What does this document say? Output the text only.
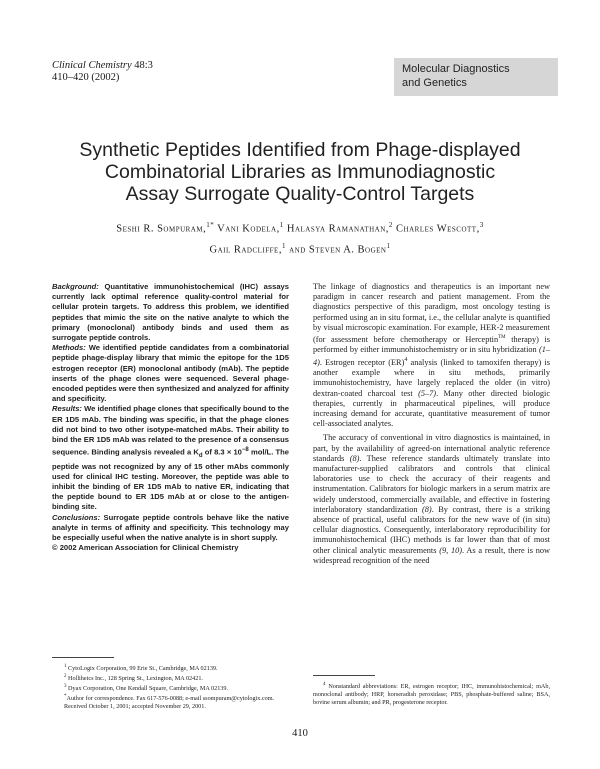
Clinical Chemistry 48:3
410–420 (2002)
Molecular Diagnostics
and Genetics
Synthetic Peptides Identified from Phage-displayed
Combinatorial Libraries as Immunodiagnostic
Assay Surrogate Quality-Control Targets
Seshi R. Sompuram,$^{1*}$ Vani Kodela,$^1$ Halasya Ramanathan,$^2$ Charles Wescott,$^3$
Gail Radcliffe,$^1$ and Steven A. Bogen$^1$

Background: Quantitative immunohistochemical (IHC) assays currently lack optimal reference quality-control material for cellular protein targets. To address this problem, we identified peptides that mimic the site on the native analyte to which the primary (monoclonal) antibody binds and used them as surrogate peptide controls.

Methods: We identified peptide candidates from a combinatorial peptide phage-display library that mimic the epitope for the 1D5 estrogen receptor (ER) monoclonal antibody (mAb). The peptide inserts of the phage clones were sequenced. Several phage-encoded peptides were then synthesized and analyzed for affinity and specificity.

Results: We identified phage clones that specifically bound to the ER 1D5 mAb. The binding was specific, in that the phage clones did not bind to two other isotype-matched mAbs. Their ability to bind the ER 1D5 mAb was related to the presence of a consensus sequence. Binding analysis revealed a $K_d$ of $8.3 \times 10^{-8}$ mol/L. The peptide was not recognized by any of 15 other mAbs commonly used for clinical IHC testing. Moreover, the peptide was able to inhibit the binding of ER 1D5 mAb to native ER, indicating that the peptide bound to ER 1D5 mAb at or close to the antigen-binding site.

Conclusions: Surrogate peptide controls behave like the native analyte in terms of affinity and specificity. This technology may be especially useful when the native analyte is in short supply.

© 2002 American Association for Clinical Chemistry

The linkage of diagnostics and therapeutics is an important new paradigm in cancer research and patient management. From the diagnostics perspective of this paradigm, most oncology testing is performed using an in situ format, i.e., the cellular analyte is quantified by visual microscopic examination. For example, HER-2 measurement (for assessment before chemotherapy or Herceptin™ therapy) is performed by either immunohistochemistry or in situ hybridization (1–4). Estrogen receptor (ER)$^4$ analysis (linked to tamoxifen therapy) is another example where in situ methods, primarily immunohistochemistry, have largely replaced the older (in vitro) dextran-coated charcoal test (5–7). Many other directed biologic therapies, currently in pharmaceutical pipelines, will produce increasing demand for accurate, quantitative measurement of tumor cell-associated analytes.

The accuracy of conventional in vitro diagnostics is maintained, in part, by the availability of agreed-on international analytic reference standards (8). These reference standards ultimately translate into manufacturer-supplied calibrators and controls that clinical laboratories use to check the accuracy of their reagents and instrumentation. Calibrators for biologic markers in a serum matrix are widely understood, commercially available, and effective in fostering interlaboratory standardization (8). By contrast, there is a striking absence of practical, useful calibrators for the new wave of (in situ) cellular diagnostics. Consequently, interlaboratory reproducibility for immunohistochemical (IHC) methods is far lower than that of most other clinical analytic measurements (9, 10). As a result, there is now widespread recognition of the need

$^1$ CytoLogix Corporation, 99 Erie St., Cambridge, MA 02139.
$^2$ Holliheics Inc., 128 Spring St., Lexington, MA 02421.
$^3$ Dyax Corporation, One Kendall Square, Cambridge, MA 02139.
*Author for correspondence. Fax 617-576-0088; e-mail ssompuram@cytologix.com.
Received October 1, 2001; accepted November 29, 2001.
$^4$ Nonstandard abbreviations: ER, estrogen receptor; IHC, immunohistochemical; mAb, monoclonal antibody; HRP, horseradish peroxidase; PBS, phosphate-buffered saline; BSA, bovine serum albumin; and PR, progesterone receptor.
410
